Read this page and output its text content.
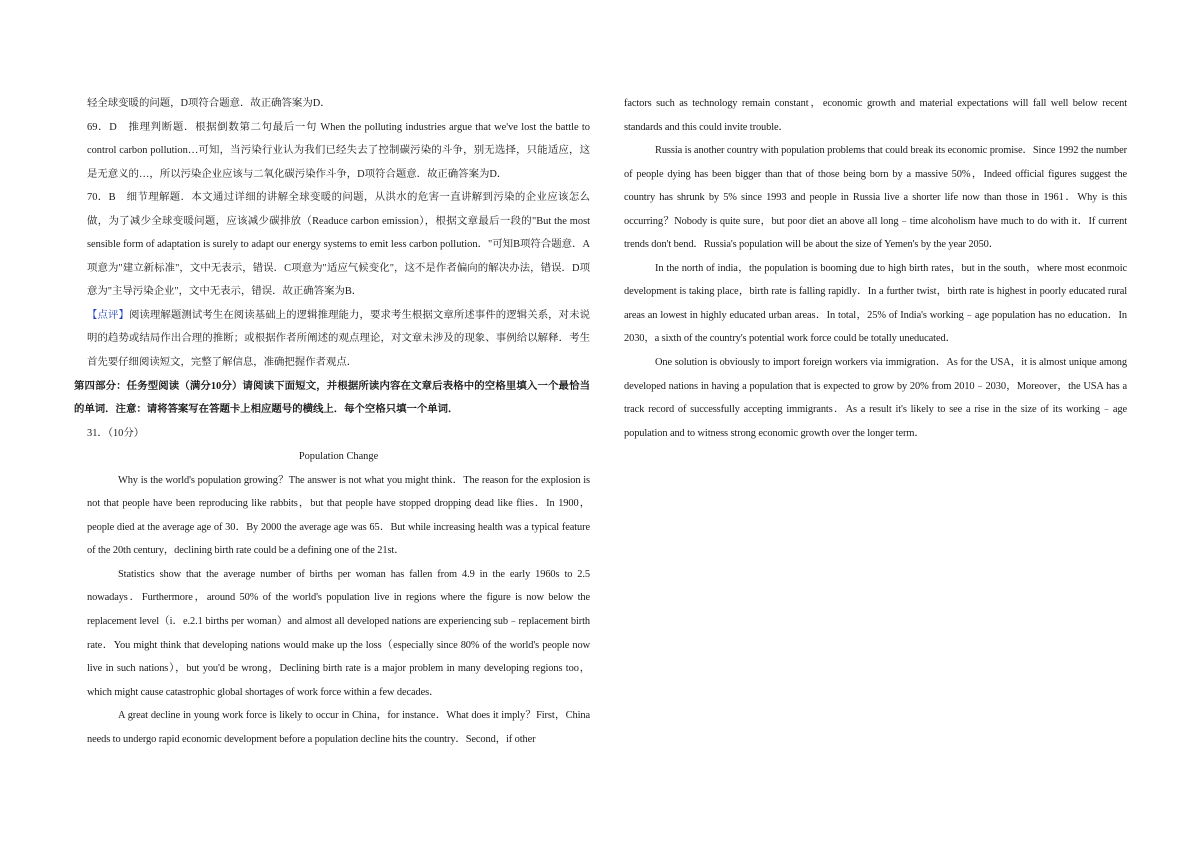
轻全球变暖的问题，D项符合题意．故正确答案为D．

69．D　推理判断题．根据倒数第二句最后一句 When the polluting industries argue that we've lost the battle to control carbon pollution…可知，当污染行业认为我们已经失去了控制碳污染的斗争，别无选择，只能适应，这是无意义的…，所以污染企业应该与二氧化碳污染作斗争，D项符合题意．故正确答案为D．

70．B　细节理解题．本文通过详细的讲解全球变暖的问题，从洪水的危害一直讲解到污染的企业应该怎么做，为了减少全球变暖问题，应该减少碳排放（Readuce carbon emission），根据文章最后一段的"But the most sensible form of adaptation is surely to adapt our energy systems to emit less carbon pollution．"可知B项符合题意．A项意为"建立新标准"，文中无表示，错误．C项意为"适应气候变化"，这不是作者偏向的解决办法，错误．D项意为"主导污染企业"，文中无表示，错误．故正确答案为B．

【点评】阅读理解题测试考生在阅读基础上的逻辑推理能力，要求考生根据文章所述事件的逻辑关系，对未说明的趋势或结局作出合理的推断；或根据作者所阐述的观点理论，对文章未涉及的现象、事例给以解释．考生首先要仔细阅读短文，完整了解信息，准确把握作者观点．

第四部分：任务型阅读（满分10分）请阅读下面短文，并根据所读内容在文章后表格中的空格里填入一个最恰当的单词．注意：请将答案写在答题卡上相应题号的横线上．每个空格只填一个单词．

31．（10分）

Population Change

Why is the world's population growing？The answer is not what you might think．The reason for the explosion is not that people have been reproducing like rabbits，but that people have stopped dropping dead like flies．In 1900，people died at the average age of 30．By 2000 the average age was 65．But while increasing health was a typical feature of the 20th century，declining birth rate could be a defining one of the 21st．

Statistics show that the average number of births per woman has fallen from 4.9 in the early 1960s to 2.5 nowadays．Furthermore，around 50% of the world's population live in regions where the figure is now below the replacement level（i．e.2.1 births per woman）and almost all developed nations are experiencing sub﹣replacement birth rate．You might think that developing nations would make up the loss（especially since 80% of the world's people now live in such nations），but you'd be wrong，Declining birth rate is a major problem in many developing regions too，which might cause catastrophic global shortages of work force within a few decades．

A great decline in young work force is likely to occur in China，for instance．What does it imply？First，China needs to undergo rapid economic development before a population decline hits the country．Second，if other

factors such as technology remain constant，economic growth and material expectations will fall well below recent standards and this could invite trouble．

Russia is another country with population problems that could break its economic promise．Since 1992 the number of people dying has been bigger than that of those being born by a massive 50%，Indeed official figures suggest the country has shrunk by 5% since 1993 and people in Russia live a shorter life now than those in 1961．Why is this occurring？Nobody is quite sure，but poor diet an above all long﹣time alcoholism have much to do with it．If current trends don't bend．Russia's population will be about the size of Yemen's by the year 2050．

In the north of india，the population is booming due to high birth rates，but in the south，where most econmoic development is taking place，birth rate is falling rapidly．In a further twist，birth rate is highest in poorly educated rural areas an lowest in highly educated urban areas．In total，25% of India's working﹣age population has no education．In 2030，a sixth of the country's potential work force could be totally uneducated．

One solution is obviously to import foreign workers via immigration．As for the USA，it is almost unique among developed nations in having a population that is expected to grow by 20% from 2010﹣2030，Moreover，the USA has a track record of successfully accepting immigrants．As a result it's likely to see a rise in the size of its working﹣age population and to witness strong economic growth over the longer term．
